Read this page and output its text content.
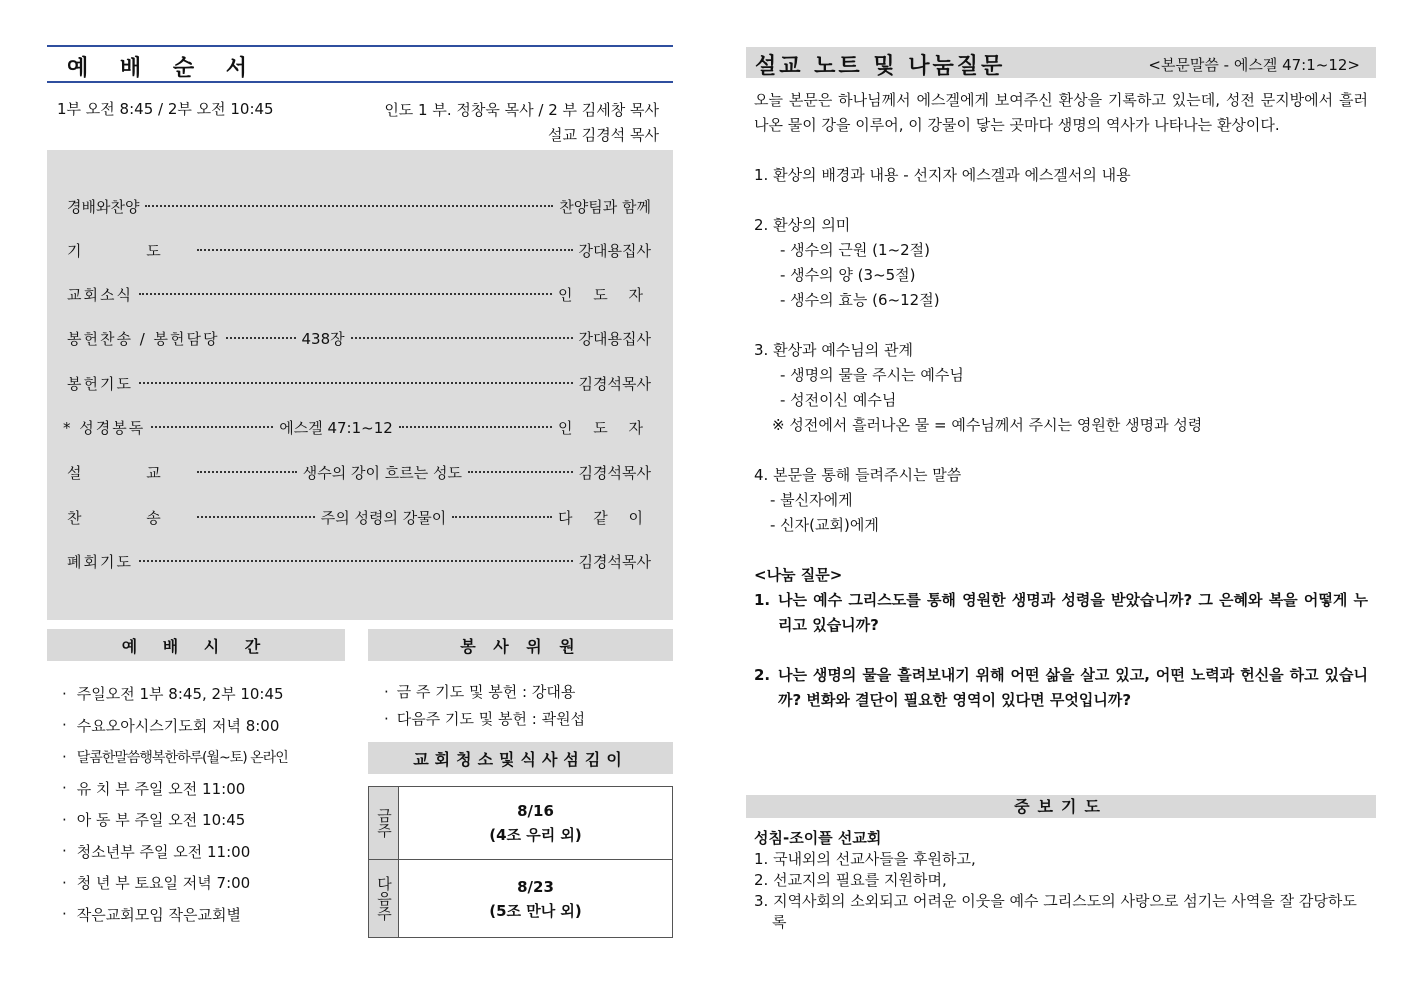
예 배 순 서
1부 오전 8:45 / 2부 오전 10:45	인도 1 부. 정창욱 목사 / 2 부 김세창 목사
설교 김경석 목사
경배와찬양	찬양팀과 함께
기 도	강대용집사
교회소식	인 도 자
봉헌찬송 / 봉헌담당	438장	강대용집사
봉헌기도	김경석목사
* 성경봉독	에스겔 47:1~12	인 도 자
설 교	생수의 강이 흐르는 성도	김경석목사
찬 송	주의 성령의 강물이	다 같 이
폐회기도	김경석목사
예 배 시 간
· 주일오전 1부 8:45, 2부 10:45
· 수요오아시스기도회 저녁 8:00
· 달콤한말씀행복한하루(월~토) 온라인
· 유 치 부 주일 오전 11:00
· 아 동 부 주일 오전 10:45
· 청소년부 주일 오전 11:00
· 청 년 부 토요일 저녁 7:00
· 작은교회모임 작은교회별
봉 사 위 원
· 금 주 기도 및 봉헌 : 강대용
· 다음주 기도 및 봉헌 : 곽원섭
교회청소및식사섬김이
금주	8/16
(4조 우리 외)

다음주	8/23
(5조 만나 외)
설교 노트 및 나눔질문	<본문말씀 - 에스겔 47:1~12>

오늘 본문은 하나님께서 에스겔에게 보여주신 환상을 기록하고 있는데, 성전 문지방에서 흘러나온 물이 강을 이루어, 이 강물이 닿는 곳마다 생명의 역사가 나타나는 환상이다.

1. 환상의 배경과 내용 - 선지자 에스겔과 에스겔서의 내용

2. 환상의 의미

- 생수의 근원 (1~2절)

- 생수의 양 (3~5절)

- 생수의 효능 (6~12절)

3. 환상과 예수님의 관계

- 생명의 물을 주시는 예수님

- 성전이신 예수님

※ 성전에서 흘러나온 물 = 예수님께서 주시는 영원한 생명과 성령

4. 본문을 통해 들려주시는 말씀

- 불신자에게

- 신자(교회)에게

<나눔 질문>

1. 나는 예수 그리스도를 통해 영원한 생명과 성령을 받았습니까? 그 은혜와 복을 어떻게 누리고 있습니까?
2. 나는 생명의 물을 흘려보내기 위해 어떤 삶을 살고 있고, 어떤 노력과 헌신을 하고 있습니까? 변화와 결단이 필요한 영역이 있다면 무엇입니까?
중보기도

성침-조이플 선교회

1. 국내외의 선교사들을 후원하고,

2. 선교지의 필요를 지원하며,

3. 지역사회의 소외되고 어려운 이웃을 예수 그리스도의 사랑으로 섬기는 사역을 잘 감당하도록
